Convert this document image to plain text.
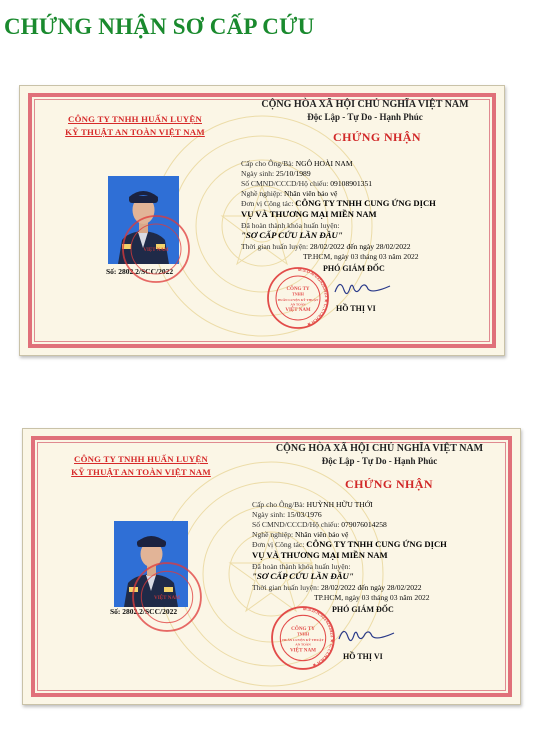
CHỨNG NHẬN SƠ CẤP CỨU
CÔNG TY TNHH HUẤN LUYỆN
KỸ THUẬT AN TOÀN VIỆT NAM
CỘNG HÒA XÃ HỘI CHỦ NGHĨA VIỆT NAM
Độc Lập - Tự Do - Hạnh Phúc
CHỨNG NHẬN
Số: 2802.2/SCC/2022
Cấp cho Ông/Bà: NGÔ HOÀI NAM
Ngày sinh: 25/10/1989
Số CMND/CCCD/Hộ chiếu: 09108901351
Nghề nghiệp: Nhân viên bảo vệ
Đơn vị Công tác: CÔNG TY TNHH CUNG ỨNG DỊCH
VỤ VÀ THƯƠNG MẠI MIỀN NAM
Đã hoàn thành khóa huấn luyện:
"SƠ CẤP CỨU LẦN ĐẦU"
Thời gian huấn luyện: 28/02/2022 đến ngày 28/02/2022
TP.HCM, ngày 03 tháng 03 năm 2022
PHÓ GIÁM ĐỐC
M.S.D.N:0314283923 ★ C.T.T.N.H.H ★
CÔNG TY
TNHH
HUẤN LUYỆN KỸ THUẬT
AN TOÀN
VIỆT NAM
VIỆT NAM
HỒ THỊ VI
CÔNG TY TNHH HUẤN LUYỆN
KỸ THUẬT AN TOÀN VIỆT NAM
CỘNG HÒA XÃ HỘI CHỦ NGHĨA VIỆT NAM
Độc Lập - Tự Do - Hạnh Phúc
CHỨNG NHẬN
Số: 2802.2/SCC/2022
Cấp cho Ông/Bà: HUỲNH HỮU THỚI
Ngày sinh: 15/03/1976
Số CMND/CCCD/Hộ chiếu: 079076014258
Nghề nghiệp: Nhân viên bảo vệ
Đơn vị Công tác: CÔNG TY TNHH CUNG ỨNG DỊCH
VỤ VÀ THƯƠNG MẠI MIỀN NAM
Đã hoàn thành khóa huấn luyện:
"SƠ CẤP CỨU LẦN ĐẦU"
Thời gian huấn luyện: 28/02/2022 đến ngày 28/02/2022
TP.HCM, ngày 03 tháng 03 năm 2022
PHÓ GIÁM ĐỐC
M.S.D.N:0314283923 ★ C.T.T.N.H.H ★
CÔNG TY
TNHH
HUẤN LUYỆN KỸ THUẬT
AN TOÀN
VIỆT NAM
VIỆT NAM
HỒ THỊ VI
